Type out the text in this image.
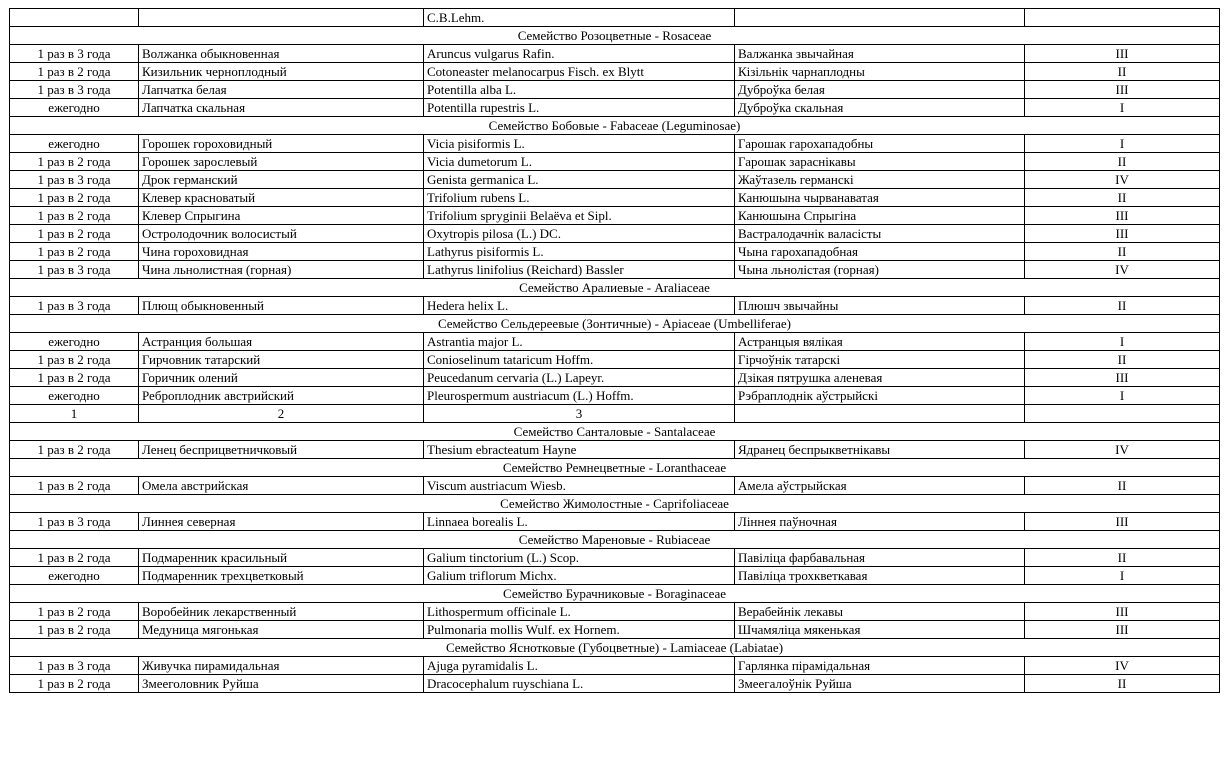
		C.B.Lehm.		
Семейство Розоцветные - Rosaceae				
1 раз в 3 года	Волжанка обыкновенная	Aruncus vulgarus Rafin.	Валжанка звычайная	III
1 раз в 2 года	Кизильник черноплодный	Cotoneaster melanocarpus Fisch. ex Blytt	Кізільнік чарнаплодны	II
1 раз в 3 года	Лапчатка белая	Potentilla alba L.	Дуброўка белая	III
ежегодно	Лапчатка скальная	Potentilla rupestris L.	Дуброўка скальная	I
Семейство Бобовые - Fabaceae (Leguminosae)				
ежегодно	Горошек гороховидный	Vicia pisiformis L.	Гарошак гарохападобны	I
1 раз в 2 года	Горошек зарослевый	Vicia dumetorum L.	Гарошак зараснікавы	II
1 раз в 3 года	Дрок германский	Genista germanica L.	Жаўтазель германскі	IV
1 раз в 2 года	Клевер красноватый	Trifolium rubens L.	Канюшына чырванаватая	II
1 раз в 2 года	Клевер Спрыгина	Trifolium spryginii Belaëva et Sipl.	Канюшына Спрыгіна	III
1 раз в 2 года	Остролодочник волосистый	Oxytropis pilosa (L.) DC.	Вастралодачнік валасісты	III
1 раз в 2 года	Чина гороховидная	Lathyrus pisiformis L.	Чына гарохападобная	II
1 раз в 3 года	Чина льнолистная (горная)	Lathyrus linifolius (Reichard) Bassler	Чына льнолістая (горная)	IV
Семейство Аралиевые - Araliaceae				
1 раз в 3 года	Плющ обыкновенный	Hedera helix L.	Плюшч звычайны	II
Семейство Сельдереевые (Зонтичные) - Apiaceae (Umbelliferae)				
ежегодно	Астранция большая	Astrantia major L.	Астранцыя вялікая	I
1 раз в 2 года	Гирчовник татарский	Conioselinum tataricum Hoffm.	Гірчоўнік татарскі	II
1 раз в 2 года	Горичник олений	Peucedanum cervaria (L.) Lapeyr.	Дзікая пятрушка аленевая	III
ежегодно	Реброплодник австрийский	Pleurospermum austriacum (L.) Hoffm.	Рэбраплоднік аўстрыйскі	I
1	2	3		
Семейство Санталовые - Santalaceae				
1 раз в 2 года	Ленец бесприцветничковый	Thesium ebracteatum Hayne	Ядранец беспрыкветнікавы	IV
Семейство Ремнецветные - Loranthaceae				
1 раз в 2 года	Омела австрийская	Viscum austriacum Wiesb.	Амела аўстрыйская	II
Семейство Жимолостные - Caprifoliaceae				
1 раз в 3 года	Линнея северная	Linnaea borealis L.	Ліннея паўночная	III
Семейство Мареновые - Rubiaceae				
1 раз в 2 года	Подмаренник красильный	Galium tinctorium (L.) Scop.	Павіліца фарбавальная	II
ежегодно	Подмаренник трехцветковый	Galium triflorum Michx.	Павіліца трохкветкавая	I
Семейство Бурачниковые - Boraginaceae				
1 раз в 2 года	Воробейник лекарственный	Lithospermum officinale L.	Верабейнік лекавы	III
1 раз в 2 года	Медуница мягонькая	Pulmonaria mollis Wulf. ex Hornem.	Шчамяліца мякенькая	III
Семейство Яснотковые (Губоцветные) - Lamiaceae (Labiatae)				
1 раз в 3 года	Живучка пирамидальная	Ajuga pyramidalis L.	Гарлянка пірамідальная	IV
1 раз в 2 года	Змееголовник Руйша	Dracocephalum ruyschiana L.	Змеегалоўнік Руйша	II
